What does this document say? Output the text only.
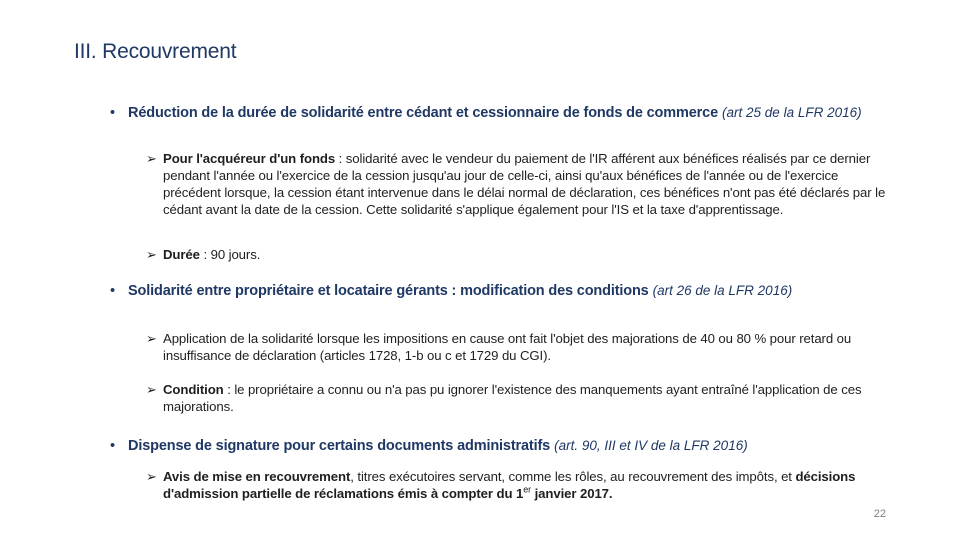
III. Recouvrement
• Réduction de la durée de solidarité entre cédant et cessionnaire de fonds de commerce (art 25 de la LFR 2016)
➢ Pour l'acquéreur d'un fonds : solidarité avec le vendeur du paiement de l'IR afférent aux bénéfices réalisés par ce dernier pendant l'année ou l'exercice de la cession jusqu'au jour de celle-ci, ainsi qu'aux bénéfices de l'année ou de l'exercice précédent lorsque, la cession étant intervenue dans le délai normal de déclaration, ces bénéfices n'ont pas été déclarés par le cédant avant la date de la cession. Cette solidarité s'applique également pour l'IS et la taxe d'apprentissage.
➢ Durée : 90 jours.
• Solidarité entre propriétaire et locataire gérants : modification des conditions (art 26 de la LFR 2016)
➢ Application de la solidarité lorsque les impositions en cause ont fait l'objet des majorations de 40 ou 80 % pour retard ou insuffisance de déclaration (articles 1728, 1-b ou c et 1729 du CGI).
➢ Condition : le propriétaire a connu ou n'a pas pu ignorer l'existence des manquements ayant entraîné l'application de ces majorations.
• Dispense de signature pour certains documents administratifs (art. 90, III et IV de la LFR 2016)
➢ Avis de mise en recouvrement, titres exécutoires servant, comme les rôles, au recouvrement des impôts, et décisions d'admission partielle de réclamations émis à compter du 1er janvier 2017.
22
